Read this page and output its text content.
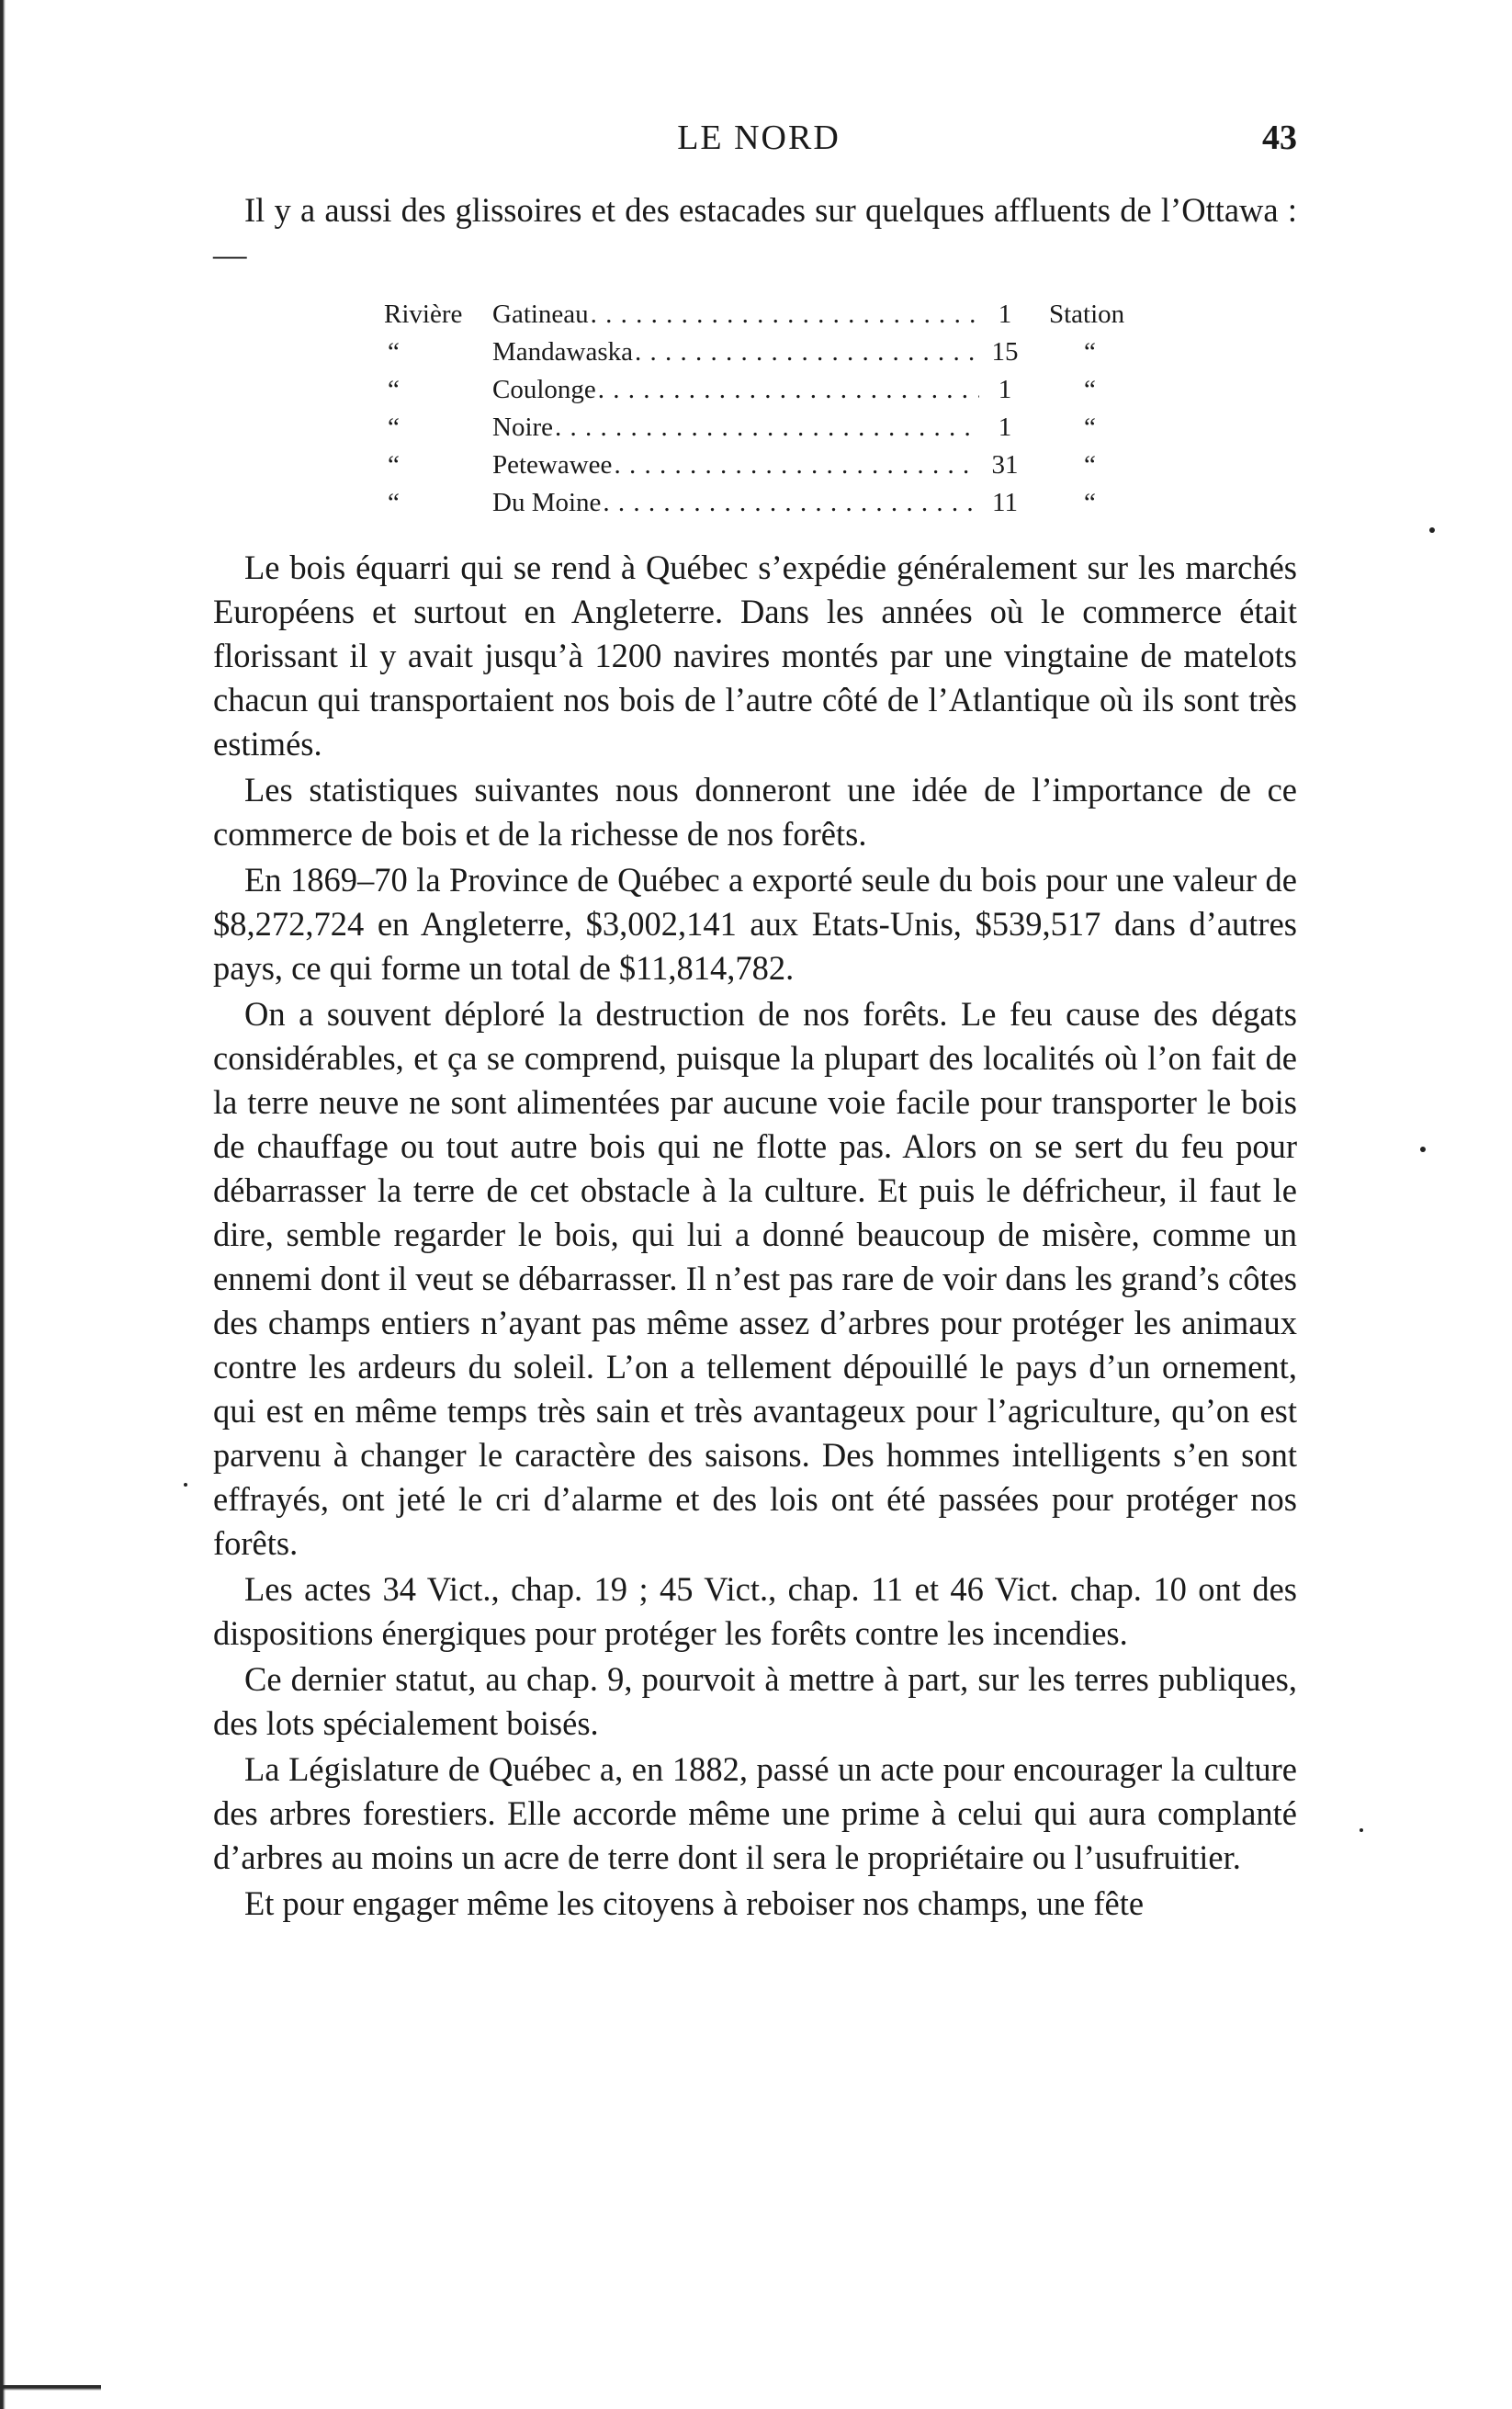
LE NORD	43

Il y a aussi des glissoires et des estacades sur quelques affluents de l’Ottawa :—

Rivière	Gatineau . . .	1	Station
“	Mandawaska . . .	15	“
“	Coulonge . . .	1	“
“	Noire . . .	1	“
“	Petewawee . . .	31	“
“	Du Moine . . .	11	“

Le bois équarri qui se rend à Québec s’expédie généralement sur les marchés Européens et surtout en Angleterre. Dans les années où le commerce était florissant il y avait jusqu’à 1200 navires montés par une vingtaine de matelots chacun qui transportaient nos bois de l’autre côté de l’Atlantique où ils sont très estimés.

Les statistiques suivantes nous donneront une idée de l’importance de ce commerce de bois et de la richesse de nos forêts.

En 1869–70 la Province de Québec a exporté seule du bois pour une valeur de $8,272,724 en Angleterre, $3,002,141 aux Etats-Unis, $539,517 dans d’autres pays, ce qui forme un total de $11,814,782.

On a souvent déploré la destruction de nos forêts. Le feu cause des dégats considérables, et ça se comprend, puisque la plupart des localités où l’on fait de la terre neuve ne sont alimentées par aucune voie facile pour transporter le bois de chauffage ou tout autre bois qui ne flotte pas. Alors on se sert du feu pour débarrasser la terre de cet obstacle à la culture. Et puis le défricheur, il faut le dire, semble regarder le bois, qui lui a donné beaucoup de misère, comme un ennemi dont il veut se débarrasser. Il n’est pas rare de voir dans les grand’s côtes des champs entiers n’ayant pas même assez d’arbres pour protéger les animaux contre les ardeurs du soleil. L’on a tellement dépouillé le pays d’un ornement, qui est en même temps très sain et très avantageux pour l’agriculture, qu’on est parvenu à changer le caractère des saisons. Des hommes intelligents s’en sont effrayés, ont jeté le cri d’alarme et des lois ont été passées pour protéger nos forêts.

Les actes 34 Vict., chap. 19 ; 45 Vict., chap. 11 et 46 Vict. chap. 10 ont des dispositions énergiques pour protéger les forêts contre les incendies.

Ce dernier statut, au chap. 9, pourvoit à mettre à part, sur les terres publiques, des lots spécialement boisés.

La Législature de Québec a, en 1882, passé un acte pour encourager la culture des arbres forestiers. Elle accorde même une prime à celui qui aura complanté d’arbres au moins un acre de terre dont il sera le propriétaire ou l’usufruitier.

Et pour engager même les citoyens à reboiser nos champs, une fête
